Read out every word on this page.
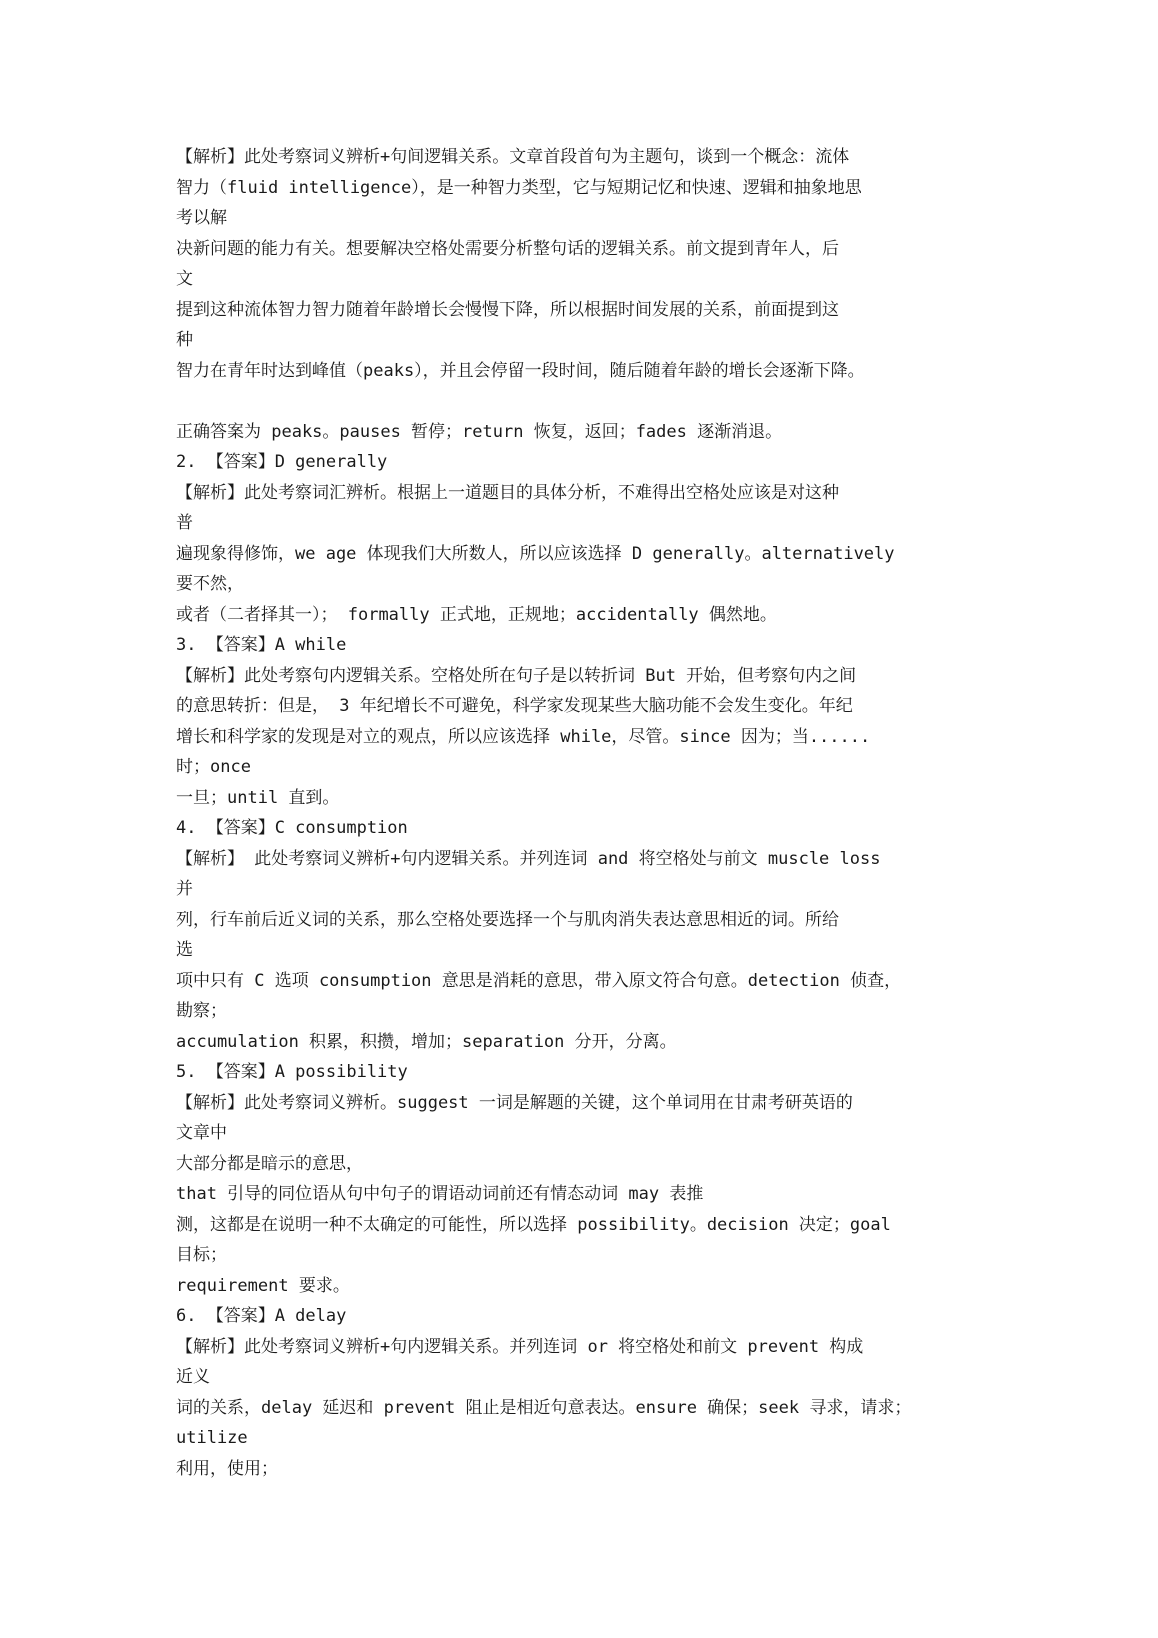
【解析】此处考察词义辨析+句间逻辑关系。文章首段首句为主题句，谈到一个概念：流体
智力（fluid intelligence），是一种智力类型，它与短期记忆和快速、逻辑和抽象地思
考以解
决新问题的能力有关。想要解决空格处需要分析整句话的逻辑关系。前文提到青年人，后
文
提到这种流体智力智力随着年龄增长会慢慢下降，所以根据时间发展的关系，前面提到这
种
智力在青年时达到峰值（peaks），并且会停留一段时间，随后随着年龄的增长会逐渐下降。
正确答案为 peaks。pauses 暂停；return 恢复，返回；fades 逐渐消退。
2. 【答案】D generally
【解析】此处考察词汇辨析。根据上一道题目的具体分析，不难得出空格处应该是对这种
普
遍现象得修饰，we age 体现我们大所数人，所以应该选择 D generally。alternatively
要不然，
或者（二者择其一）； formally 正式地，正规地；accidentally 偶然地。
3. 【答案】A while
【解析】此处考察句内逻辑关系。空格处所在句子是以转折词 But 开始，但考察句内之间
的意思转折：但是， 3 年纪增长不可避免，科学家发现某些大脑功能不会发生变化。年纪
增长和科学家的发现是对立的观点，所以应该选择 while，尽管。since 因为；当......
时；once
一旦；until 直到。
4. 【答案】C consumption
【解析】 此处考察词义辨析+句内逻辑关系。并列连词 and 将空格处与前文 muscle loss
并
列，行车前后近义词的关系，那么空格处要选择一个与肌肉消失表达意思相近的词。所给
选
项中只有 C 选项 consumption 意思是消耗的意思，带入原文符合句意。detection 侦查，
勘察；
accumulation 积累，积攒，增加；separation 分开，分离。
5. 【答案】A possibility
【解析】此处考察词义辨析。suggest 一词是解题的关键，这个单词用在甘肃考研英语的
文章中
大部分都是暗示的意思，
that 引导的同位语从句中句子的谓语动词前还有情态动词 may 表推
测，这都是在说明一种不太确定的可能性，所以选择 possibility。decision 决定；goal
目标；
requirement 要求。
6. 【答案】A delay
【解析】此处考察词义辨析+句内逻辑关系。并列连词 or 将空格处和前文 prevent 构成
近义
词的关系，delay 延迟和 prevent 阻止是相近句意表达。ensure 确保；seek 寻求，请求；
utilize
利用，使用；
